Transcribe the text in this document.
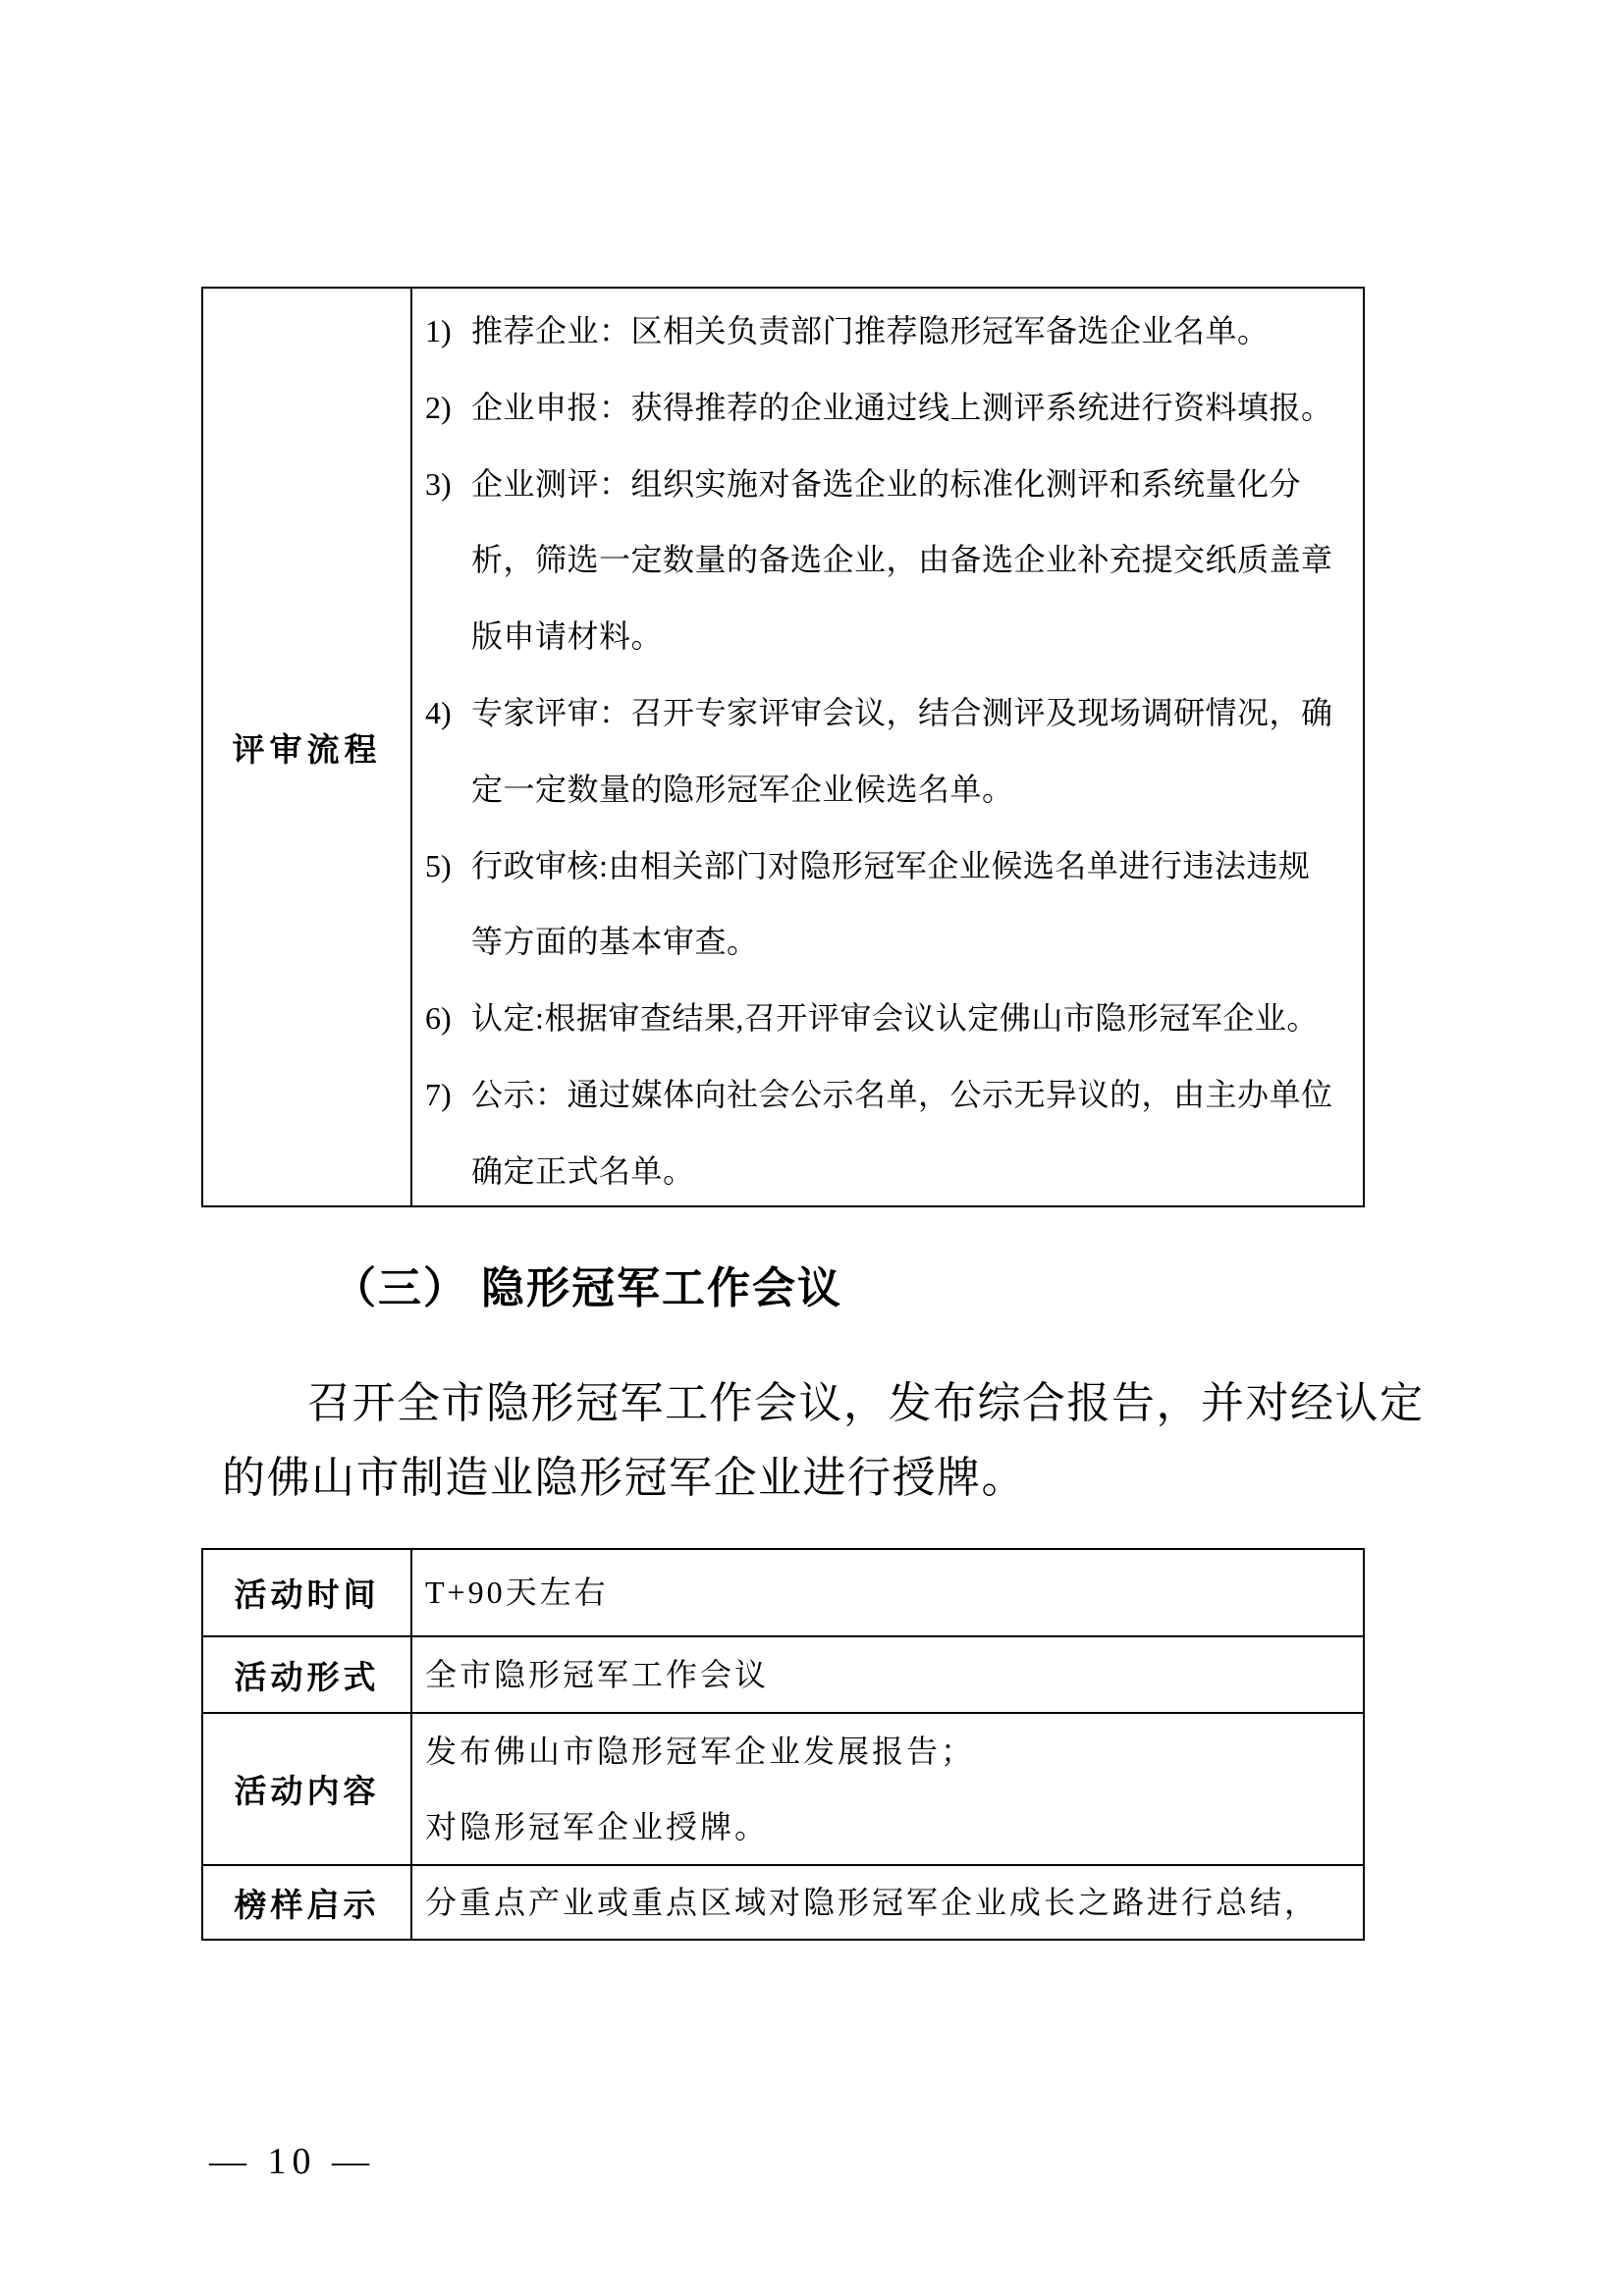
评审流程
1) 推荐企业：区相关负责部门推荐隐形冠军备选企业名单。
2) 企业申报：获得推荐的企业通过线上测评系统进行资料填报。
3) 企业测评：组织实施对备选企业的标准化测评和系统量化分
析，筛选一定数量的备选企业，由备选企业补充提交纸质盖章
版申请材料。
4) 专家评审：召开专家评审会议，结合测评及现场调研情况，确
定一定数量的隐形冠军企业候选名单。
5) 行政审核:由相关部门对隐形冠军企业候选名单进行违法违规
等方面的基本审查。
6) 认定:根据审查结果,召开评审会议认定佛山市隐形冠军企业。
7) 公示：通过媒体向社会公示名单，公示无异议的，由主办单位
确定正式名单。
（三） 隐形冠军工作会议
召开全市隐形冠军工作会议，发布综合报告，并对经认定
的佛山市制造业隐形冠军企业进行授牌。
活动时间 T+90天左右
活动形式 全市隐形冠军工作会议
活动内容
发布佛山市隐形冠军企业发展报告；
对隐形冠军企业授牌。
榜样启示 分重点产业或重点区域对隐形冠军企业成长之路进行总结，
— 10 —
